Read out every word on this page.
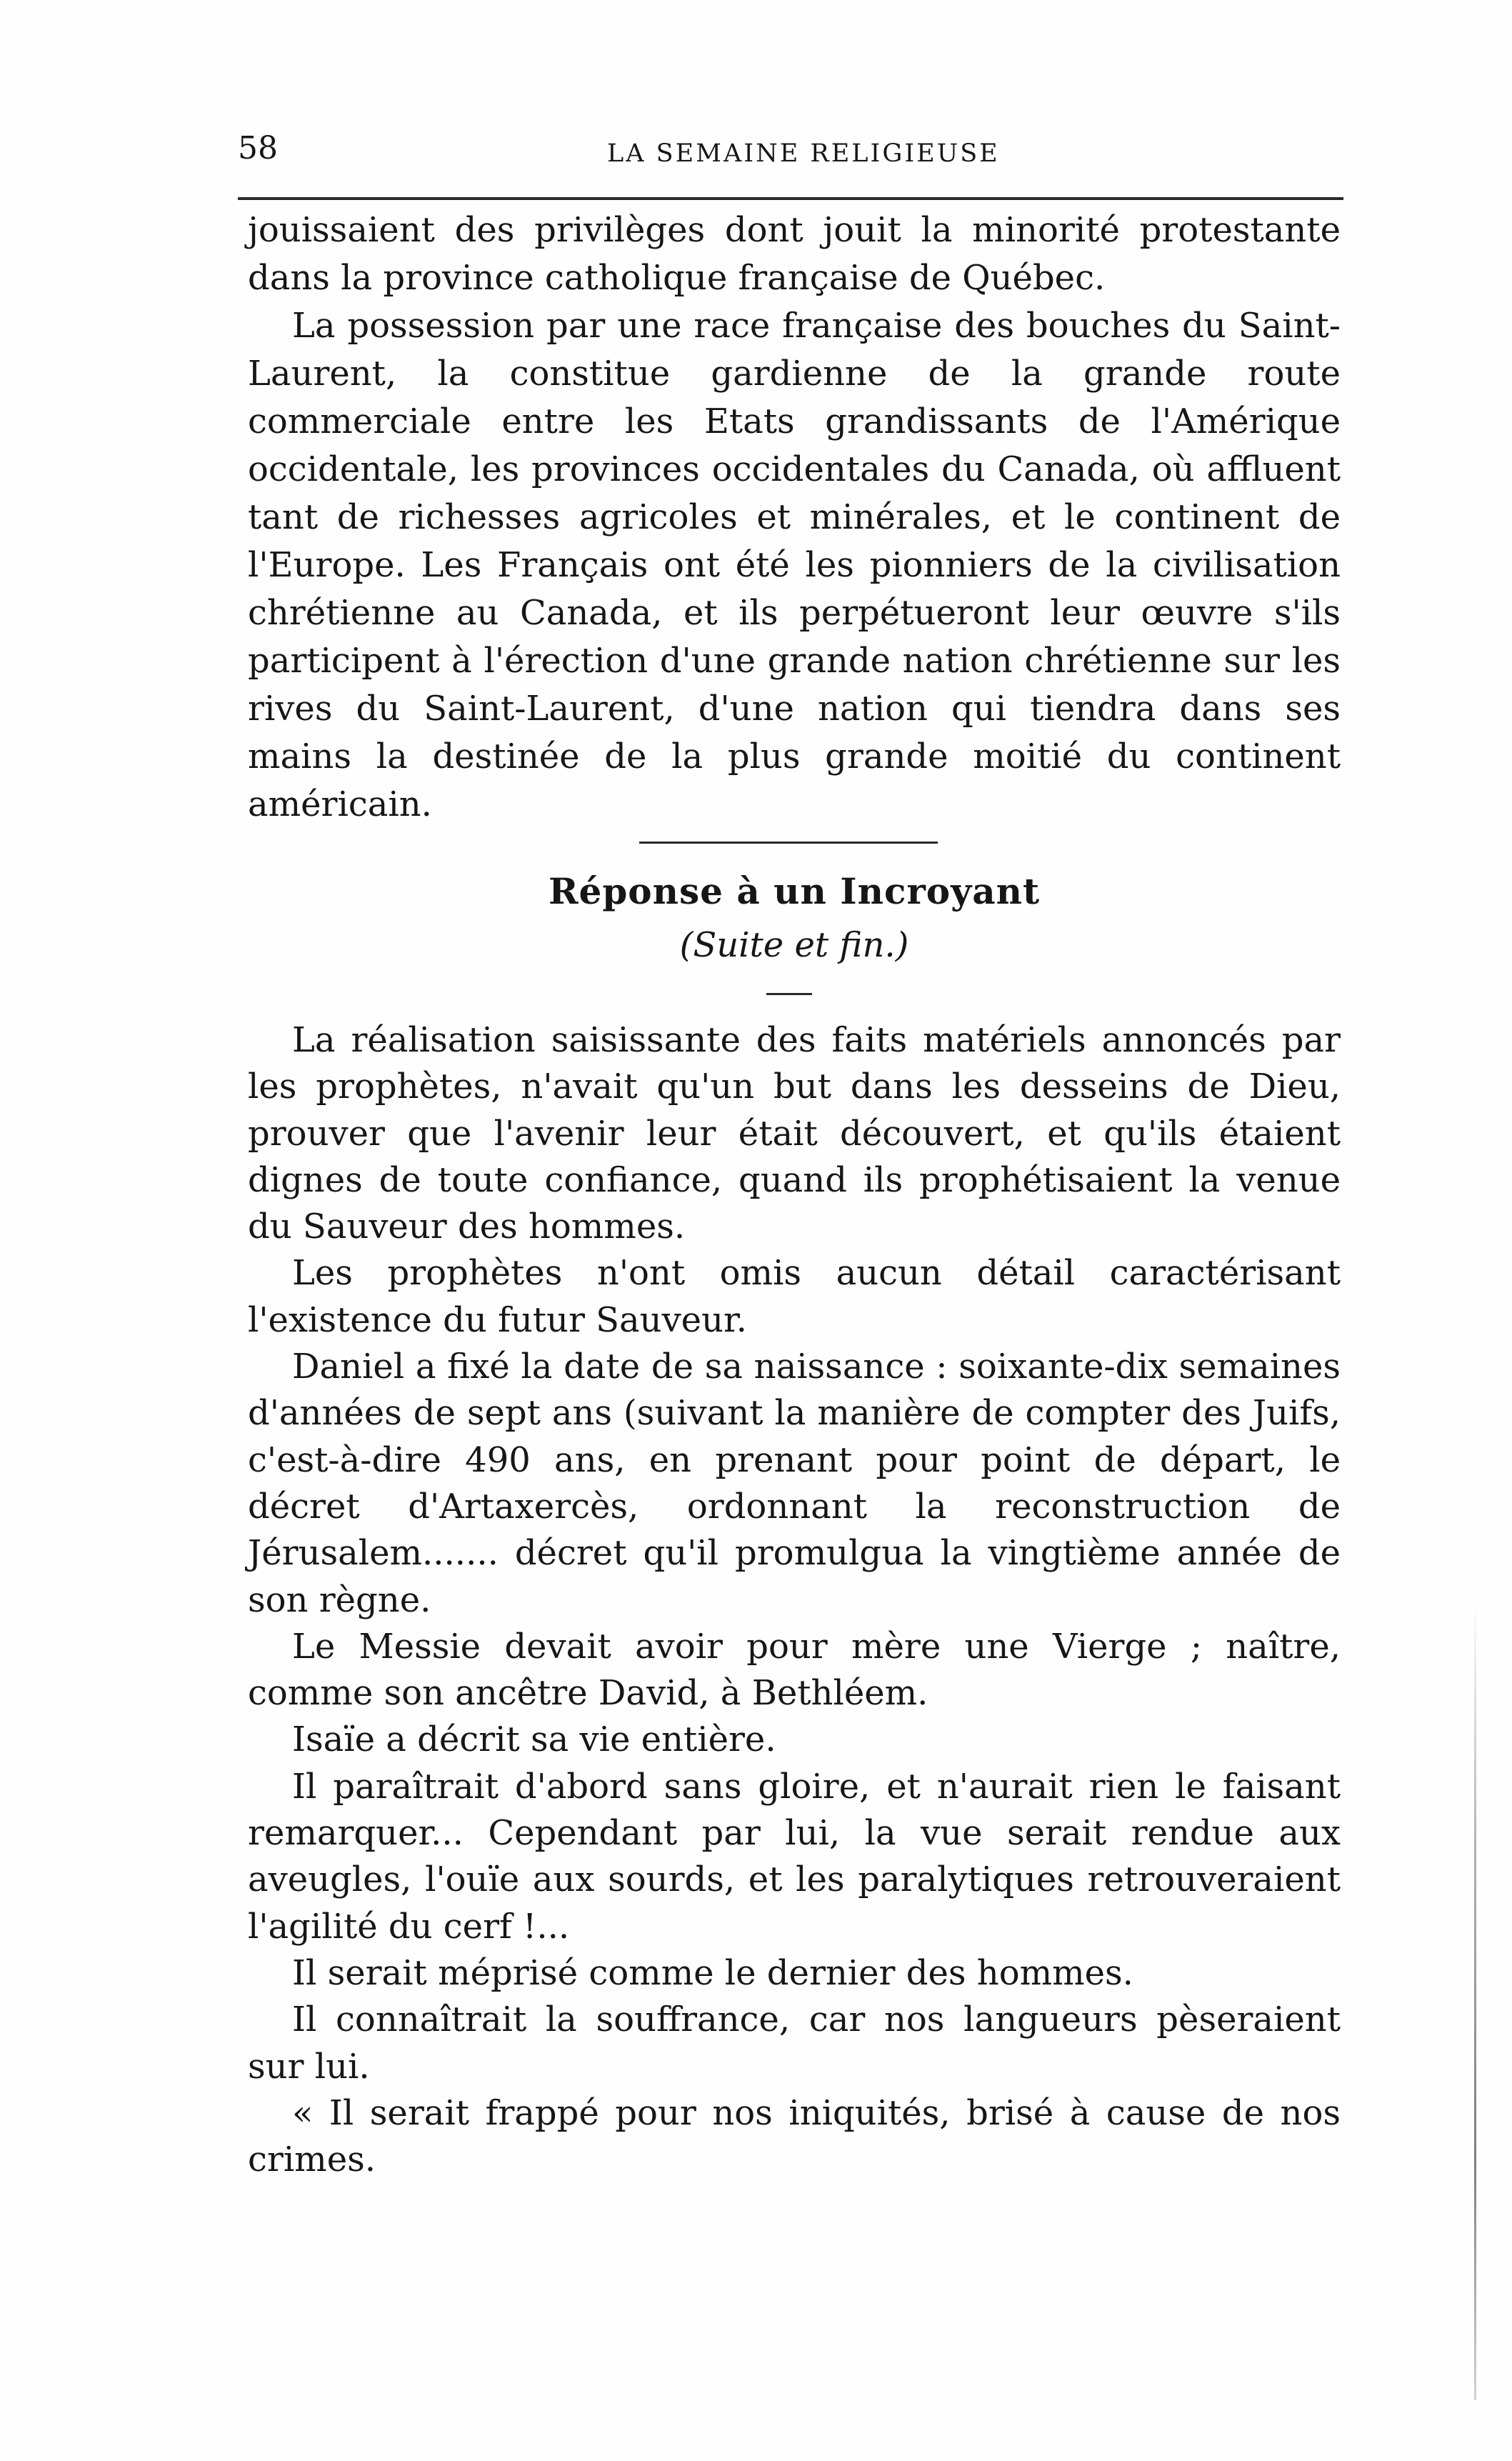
58	LA SEMAINE RELIGIEUSE

jouissaient des privilèges dont jouit la minorité protestante dans la province catholique française de Québec.

La possession par une race française des bouches du Saint-Laurent, la constitue gardienne de la grande route commerciale entre les Etats grandissants de l'Amérique occidentale, les provinces occidentales du Canada, où affluent tant de richesses agricoles et minérales, et le continent de l'Europe. Les Français ont été les pionniers de la civilisation chrétienne au Canada, et ils perpétueront leur œuvre s'ils participent à l'érection d'une grande nation chrétienne sur les rives du Saint-Laurent, d'une nation qui tiendra dans ses mains la destinée de la plus grande moitié du continent américain.

Réponse à un Incroyant
(Suite et fin.)

La réalisation saisissante des faits matériels annoncés par les prophètes, n'avait qu'un but dans les desseins de Dieu, prouver que l'avenir leur était découvert, et qu'ils étaient dignes de toute confiance, quand ils prophétisaient la venue du Sauveur des hommes.

Les prophètes n'ont omis aucun détail caractérisant l'existence du futur Sauveur.

Daniel a fixé la date de sa naissance : soixante-dix semaines d'années de sept ans (suivant la manière de compter des Juifs, c'est-à-dire 490 ans, en prenant pour point de départ, le décret d'Artaxercès, ordonnant la reconstruction de Jérusalem....... décret qu'il promulgua la vingtième année de son règne.

Le Messie devait avoir pour mère une Vierge ; naître, comme son ancêtre David, à Bethléem.

Isaïe a décrit sa vie entière.

Il paraîtrait d'abord sans gloire, et n'aurait rien le faisant remarquer... Cependant par lui, la vue serait rendue aux aveugles, l'ouïe aux sourds, et les paralytiques retrouveraient l'agilité du cerf !...

Il serait méprisé comme le dernier des hommes.

Il connaîtrait la souffrance, car nos langueurs pèseraient sur lui.

« Il serait frappé pour nos iniquités, brisé à cause de nos crimes.
